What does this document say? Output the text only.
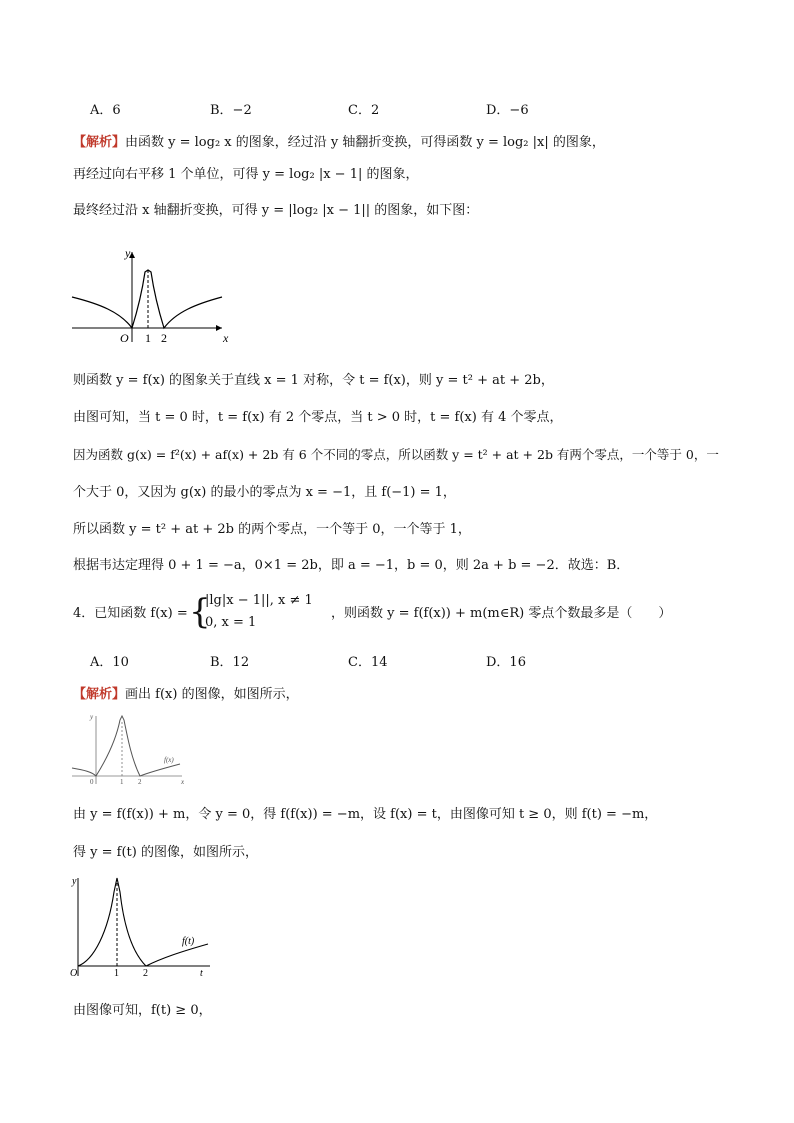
A．6	B．−2	C．2	D．−6
【解析】由函数 y = log₂ x 的图象，经过沿 y 轴翻折变换，可得函数 y = log₂ |x| 的图象，
再经过向右平移 1 个单位，可得 y = log₂ |x − 1| 的图象，
最终经过沿 x 轴翻折变换，可得 y = |log₂ |x − 1|| 的图象，如下图：
y
x
O 1 2
则函数 y = f(x) 的图象关于直线 x = 1 对称，令 t = f(x)，则 y = t² + at + 2b，
由图可知，当 t = 0 时，t = f(x) 有 2 个零点，当 t > 0 时，t = f(x) 有 4 个零点，
因为函数 g(x) = f²(x) + af(x) + 2b 有 6 个不同的零点，所以函数 y = t² + at + 2b 有两个零点，一个等于 0，一
个大于 0，又因为 g(x) 的最小的零点为 x = −1，且 f(−1) = 1，
所以函数 y = t² + at + 2b 的两个零点，一个等于 0，一个等于 1，
根据韦达定理得 0 + 1 = −a，0×1 = 2b，即 a = −1，b = 0，则 2a + b = −2．故选：B．
4．已知函数 f(x) = {
|lg|x − 1||, x ≠ 1
0, x = 1
，则函数 y = f(f(x)) + m(m∈R) 零点个数最多是（　　）
A．10	B．12	C．14	D．16
【解析】画出 f(x) 的图像，如图所示，
y
x
0	1 2
f(x)
由 y = f(f(x)) + m，令 y = 0，得 f(f(x)) = −m，设 f(x) = t，由图像可知 t ≥ 0，则 f(t) = −m，
得 y = f(t) 的图像，如图所示，
y
t
O	1 2
f(t)
由图像可知，f(t) ≥ 0，
